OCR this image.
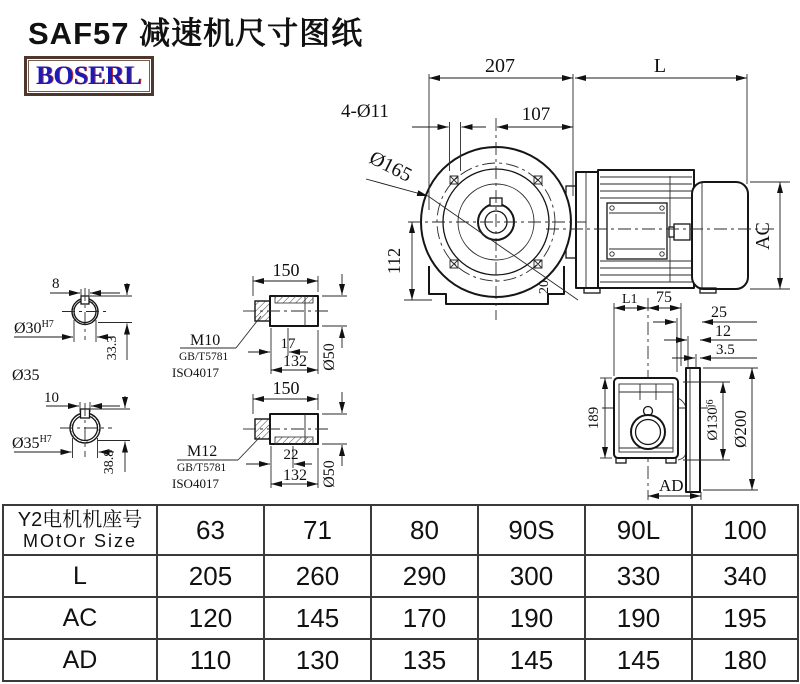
SAF57 减速机尺寸图纸
BOSERL	207	L
107
4-Ø11
Ø165
112
20
AC
L1 75
25
12
3.5
189	$Ø130^{j6}$
Ø200
AD
8
$Ø30^{H7}$
33.3
Ø35
10
$Ø35^{H7}$
38.8
150
17
132 Ø50
M10
GB/T5781
ISO4017
150
22
132 Ø50
M12
GB/T5781
ISO4017
Y2电机机座号
MOtOr Size	63	71	80	90S	90L	100
L	205	260	290	300	330	340
AC	120	145	170	190	190	195
AD	110	130	135	145	145	180
